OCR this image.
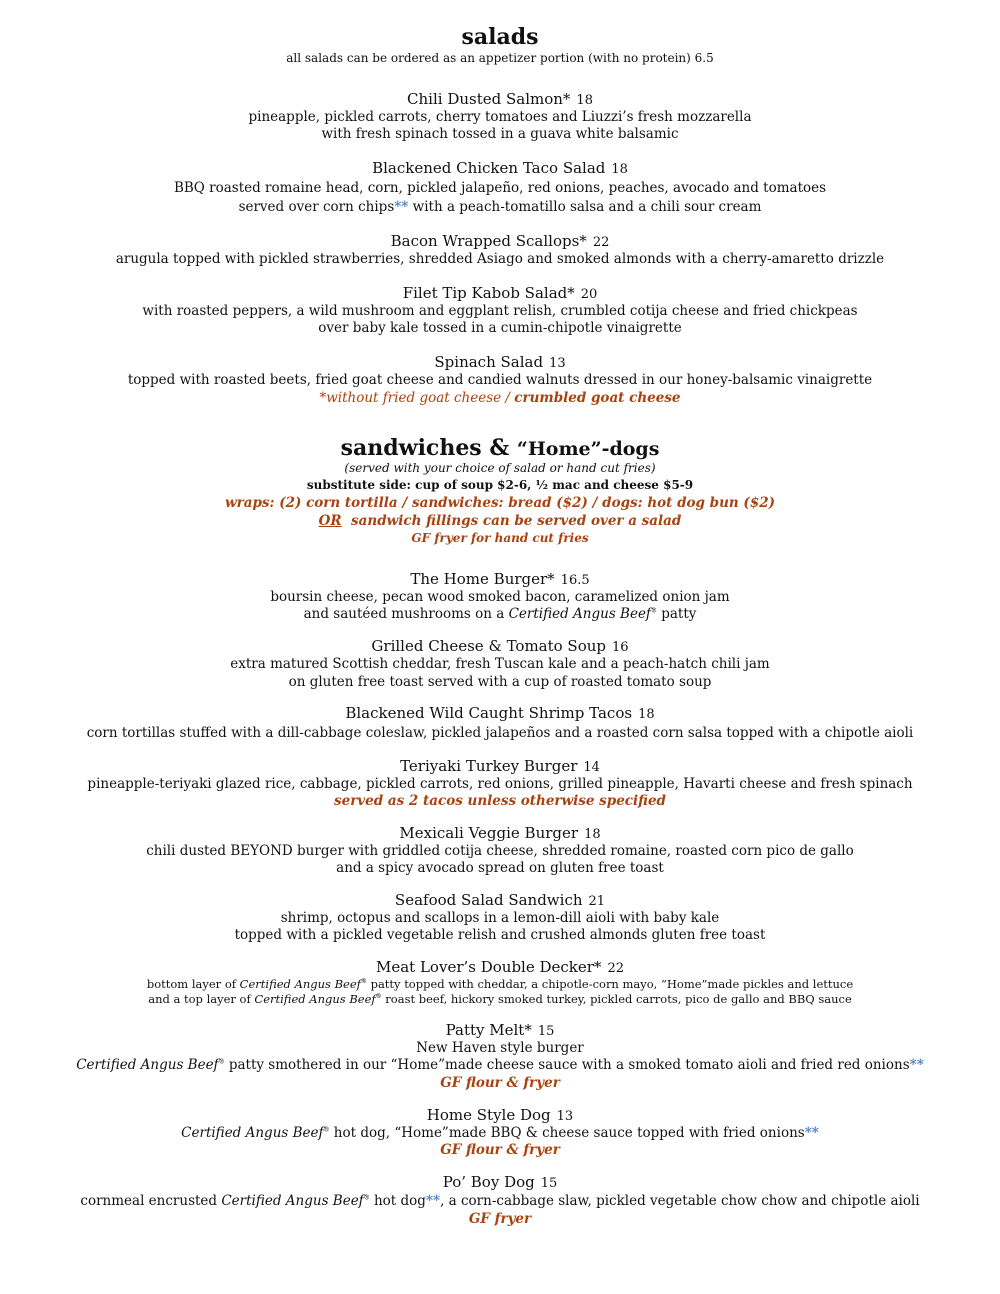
salads
all salads can be ordered as an appetizer portion (with no protein) 6.5
Chili Dusted Salmon* 18
pineapple, pickled carrots, cherry tomatoes and Liuzzi’s fresh mozzarella
with fresh spinach tossed in a guava white balsamic
Blackened Chicken Taco Salad 18
BBQ roasted romaine head, corn, pickled jalapeño, red onions, peaches, avocado and tomatoes
served over corn chips** with a peach-tomatillo salsa and a chili sour cream
Bacon Wrapped Scallops* 22
arugula topped with pickled strawberries, shredded Asiago and smoked almonds with a cherry-amaretto drizzle
Filet Tip Kabob Salad* 20
with roasted peppers, a wild mushroom and eggplant relish, crumbled cotija cheese and fried chickpeas
over baby kale tossed in a cumin-chipotle vinaigrette
Spinach Salad 13
topped with roasted beets, fried goat cheese and candied walnuts dressed in our honey-balsamic vinaigrette
*without fried goat cheese / crumbled goat cheese
sandwiches & “Home”-dogs
(served with your choice of salad or hand cut fries)
substitute side: cup of soup $2-6, ½ mac and cheese $5-9
wraps: (2) corn tortilla / sandwiches: bread ($2) / dogs: hot dog bun ($2)
OR  sandwich fillings can be served over a salad
GF fryer for hand cut fries
The Home Burger* 16.5
boursin cheese, pecan wood smoked bacon, caramelized onion jam
and sautéed mushrooms on a Certified Angus Beef® patty
Grilled Cheese & Tomato Soup 16
extra matured Scottish cheddar, fresh Tuscan kale and a peach-hatch chili jam
on gluten free toast served with a cup of roasted tomato soup
Blackened Wild Caught Shrimp Tacos 18
corn tortillas stuffed with a dill-cabbage coleslaw, pickled jalapeños and a roasted corn salsa topped with a chipotle aioli
Teriyaki Turkey Burger 14
pineapple-teriyaki glazed rice, cabbage, pickled carrots, red onions, grilled pineapple, Havarti cheese and fresh spinach
served as 2 tacos unless otherwise specified
Mexicali Veggie Burger 18
chili dusted BEYOND burger with griddled cotija cheese, shredded romaine, roasted corn pico de gallo
and a spicy avocado spread on gluten free toast
Seafood Salad Sandwich 21
shrimp, octopus and scallops in a lemon-dill aioli with baby kale
topped with a pickled vegetable relish and crushed almonds gluten free toast
Meat Lover’s Double Decker* 22
bottom layer of Certified Angus Beef® patty topped with cheddar, a chipotle-corn mayo, “Home”made pickles and lettuce
and a top layer of Certified Angus Beef® roast beef, hickory smoked turkey, pickled carrots, pico de gallo and BBQ sauce
Patty Melt* 15
New Haven style burger
Certified Angus Beef® patty smothered in our “Home”made cheese sauce with a smoked tomato aioli and fried red onions**
GF flour & fryer
Home Style Dog 13
Certified Angus Beef® hot dog, “Home”made BBQ & cheese sauce topped with fried onions**
GF flour & fryer
Po’ Boy Dog 15
cornmeal encrusted Certified Angus Beef® hot dog**, a corn-cabbage slaw, pickled vegetable chow chow and chipotle aioli
GF fryer
